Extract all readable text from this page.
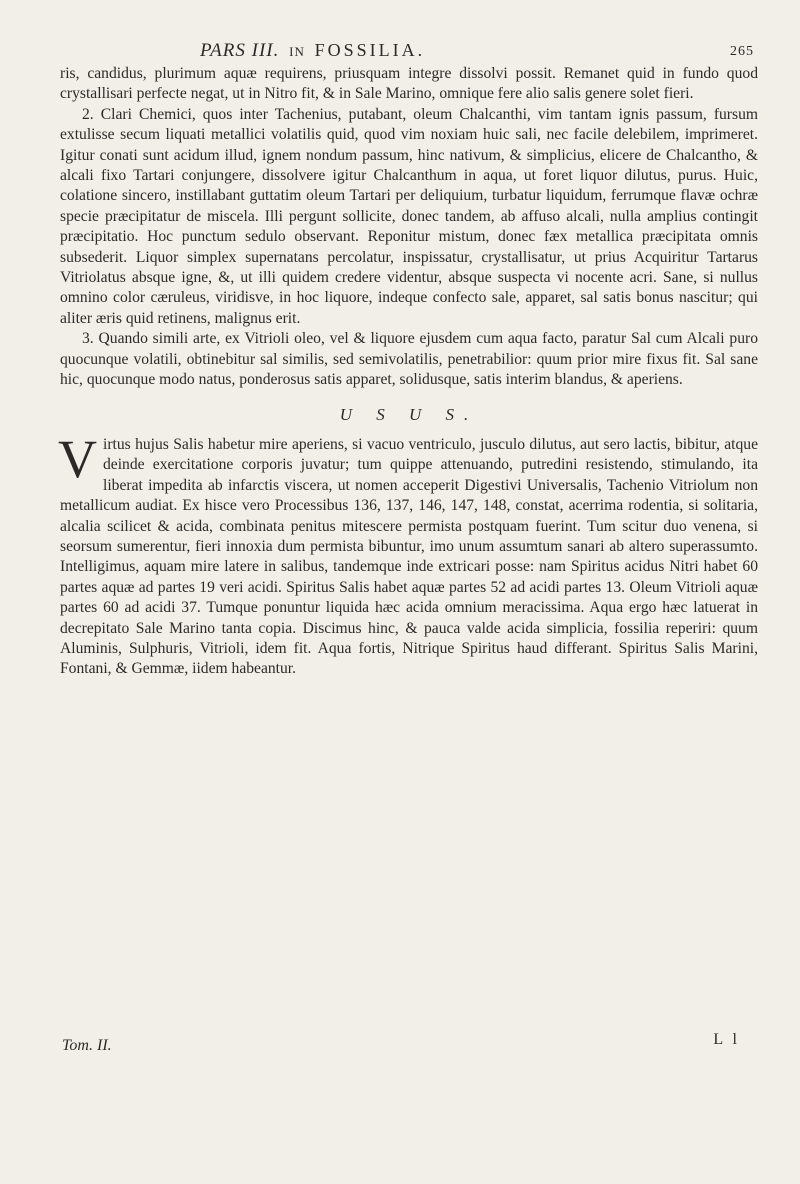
PARS III. IN FOSSILIA.	265

ris, candidus, plurimum aquæ requirens, priusquam integre dissolvi possit. Remanet quid in fundo quod crystallisari perfecte negat, ut in Nitro fit, & in Sale Marino, omnique fere alio salis genere solet fieri.

2. Clari Chemici, quos inter Tachenius, putabant, oleum Chalcanthi, vim tantam ignis passum, fursum extulisse secum liquati metallici volatilis quid, quod vim noxiam huic sali, nec facile delebilem, imprimeret. Igitur conati sunt acidum illud, ignem nondum passum, hinc nativum, & simplicius, elicere de Chalcantho, & alcali fixo Tartari conjungere, dissolvere igitur Chalcanthum in aqua, ut foret liquor dilutus, purus. Huic, colatione sincero, instillabant guttatim oleum Tartari per deliquium, turbatur liquidum, ferrumque flavæ ochræ specie præcipitatur de miscela. Illi pergunt sollicite, donec tandem, ab affuso alcali, nulla amplius contingit præcipitatio. Hoc punctum sedulo observant. Reponitur mistum, donec fæx metallica præcipitata omnis subsederit. Liquor simplex supernatans percolatur, inspissatur, crystallisatur, ut prius Acquiritur Tartarus Vitriolatus absque igne, &, ut illi quidem credere videntur, absque suspecta vi nocente acri. Sane, si nullus omnino color cæruleus, viridisve, in hoc liquore, indeque confecto sale, apparet, sal satis bonus nascitur; qui aliter æris quid retinens, malignus erit.

3. Quando simili arte, ex Vitrioli oleo, vel & liquore ejusdem cum aqua facto, paratur Sal cum Alcali puro quocunque volatili, obtinebitur sal similis, sed semivolatilis, penetrabilior: quum prior mire fixus fit. Sal sane hic, quocunque modo natus, ponderosus satis apparet, solidusque, satis interim blandus, & aperiens.

U S U S.

V irtus hujus Salis habetur mire aperiens, si vacuo ventriculo, jusculo dilutus, aut sero lactis, bibitur, atque deinde exercitatione corporis juvatur; tum quippe attenuando, putredini resistendo, stimulando, ita liberat impedita ab infarctis viscera, ut nomen acceperit Digestivi Universalis, Tachenio Vitriolum non metallicum audiat. Ex hisce vero Processibus 136, 137, 146, 147, 148, constat, acerrima rodentia, si solitaria, alcalia scilicet & acida, combinata penitus mitescere permista postquam fuerint. Tum scitur duo venena, si seorsum sumerentur, fieri innoxia dum permista bibuntur, imo unum assumtum sanari ab altero superassumto. Intelligimus, aquam mire latere in salibus, tandemque inde extricari posse: nam Spiritus acidus Nitri habet 60 partes aquæ ad partes 19 veri acidi. Spiritus Salis habet aquæ partes 52 ad acidi partes 13. Oleum Vitrioli aquæ partes 60 ad acidi 37. Tumque ponuntur liquida hæc acida omnium meracissima. Aqua ergo hæc latuerat in decrepitato Sale Marino tanta copia. Discimus hinc, & pauca valde acida simplicia, fossilia reperiri: quum Aluminis, Sulphuris, Vitrioli, idem fit. Aqua fortis, Nitrique Spiritus haud differant. Spiritus Salis Marini, Fontani, & Gemmæ, iidem habeantur.

Tom. II.	L l
